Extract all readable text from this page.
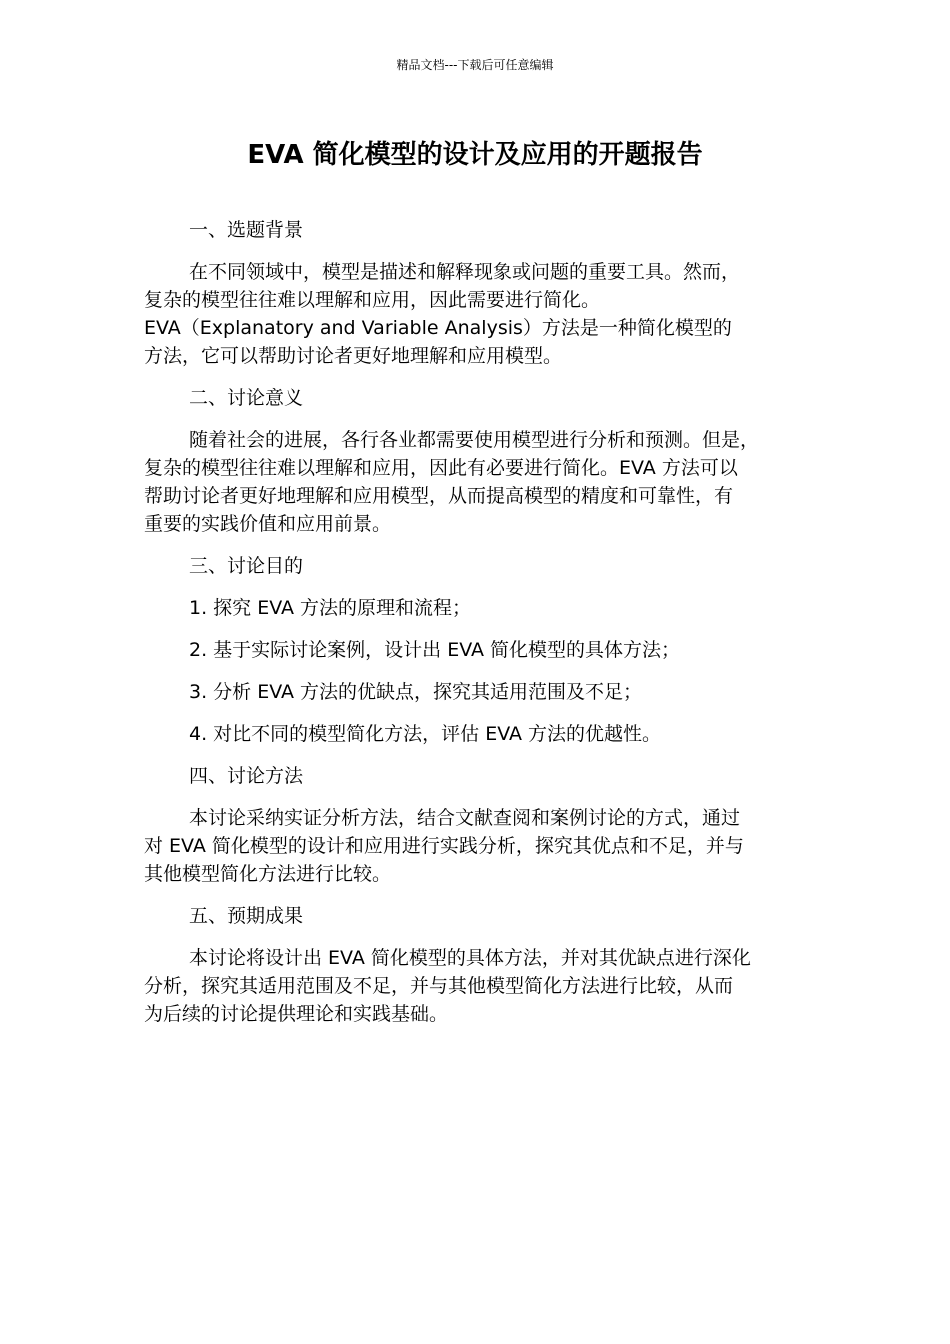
精品文档---下载后可任意编辑
EVA 简化模型的设计及应用的开题报告
一、选题背景
在不同领域中，模型是描述和解释现象或问题的重要工具。然而，
复杂的模型往往难以理解和应用，因此需要进行简化。
EVA（Explanatory and Variable Analysis）方法是一种简化模型的
方法，它可以帮助讨论者更好地理解和应用模型。
二、讨论意义
随着社会的进展，各行各业都需要使用模型进行分析和预测。但是，
复杂的模型往往难以理解和应用，因此有必要进行简化。EVA 方法可以
帮助讨论者更好地理解和应用模型，从而提高模型的精度和可靠性，有
重要的实践价值和应用前景。
三、讨论目的
1. 探究 EVA 方法的原理和流程；
2. 基于实际讨论案例，设计出 EVA 简化模型的具体方法；
3. 分析 EVA 方法的优缺点，探究其适用范围及不足；
4. 对比不同的模型简化方法，评估 EVA 方法的优越性。
四、讨论方法
本讨论采纳实证分析方法，结合文献查阅和案例讨论的方式，通过
对 EVA 简化模型的设计和应用进行实践分析，探究其优点和不足，并与
其他模型简化方法进行比较。
五、预期成果
本讨论将设计出 EVA 简化模型的具体方法，并对其优缺点进行深化
分析，探究其适用范围及不足，并与其他模型简化方法进行比较，从而
为后续的讨论提供理论和实践基础。
